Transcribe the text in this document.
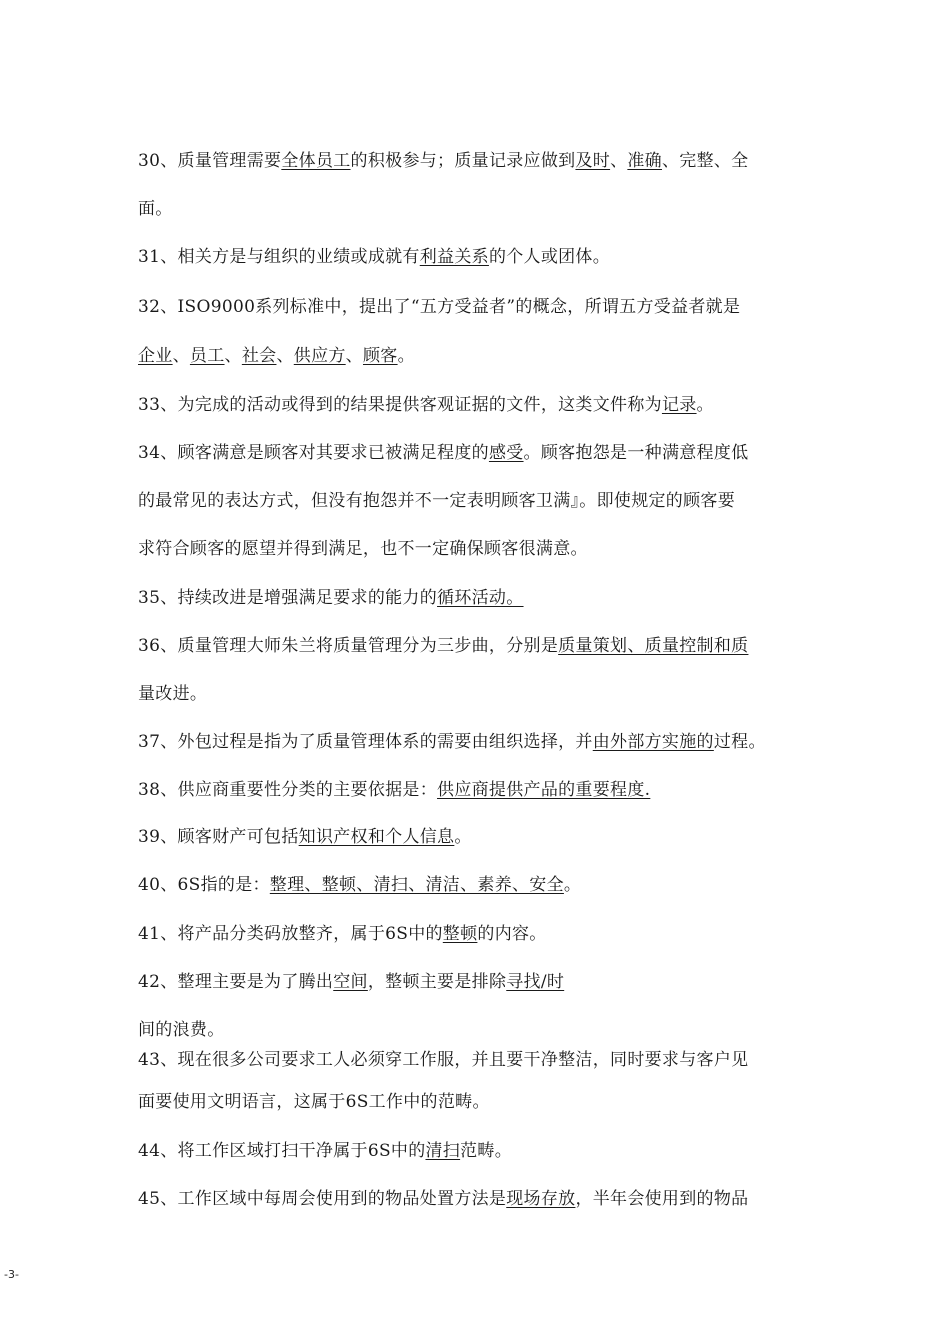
30、质量管理需要全体员工的积极参与；质量记录应做到及时、准确、完整、全
面。
31、相关方是与组织的业绩或成就有利益关系的个人或团体。
32、ISO9000系列标准中，提出了“五方受益者”的概念，所谓五方受益者就是
企业、员工、社会、供应方、顾客。
33、为完成的活动或得到的结果提供客观证据的文件，这类文件称为记录。
34、顾客满意是顾客对其要求已被满足程度的感受。顾客抱怨是一种满意程度低
的最常见的表达方式，但没有抱怨并不一定表明顾客卫满』。即使规定的顾客要
求符合顾客的愿望并得到满足，也不一定确保顾客很满意。
35、持续改进是增强满足要求的能力的循环活动。
36、质量管理大师朱兰将质量管理分为三步曲，分别是质量策划、质量控制和质
量改进。
37、外包过程是指为了质量管理体系的需要由组织选择，并由外部方实施的过程。
38、供应商重要性分类的主要依据是：供应商提供产品的重要程度.
39、顾客财产可包括知识产权和个人信息。
40、6S指的是：整理、整顿、清扫、清洁、素养、安全。
41、将产品分类码放整齐，属于6S中的整顿的内容。
42、整理主要是为了腾出空间，整顿主要是排除寻找/时
间的浪费。
43、现在很多公司要求工人必须穿工作服，并且要干净整洁，同时要求与客户见
面要使用文明语言，这属于6S工作中的范畴。
44、将工作区域打扫干净属于6S中的清扫范畴。
45、工作区域中每周会使用到的物品处置方法是现场存放，半年会使用到的物品
-3-
